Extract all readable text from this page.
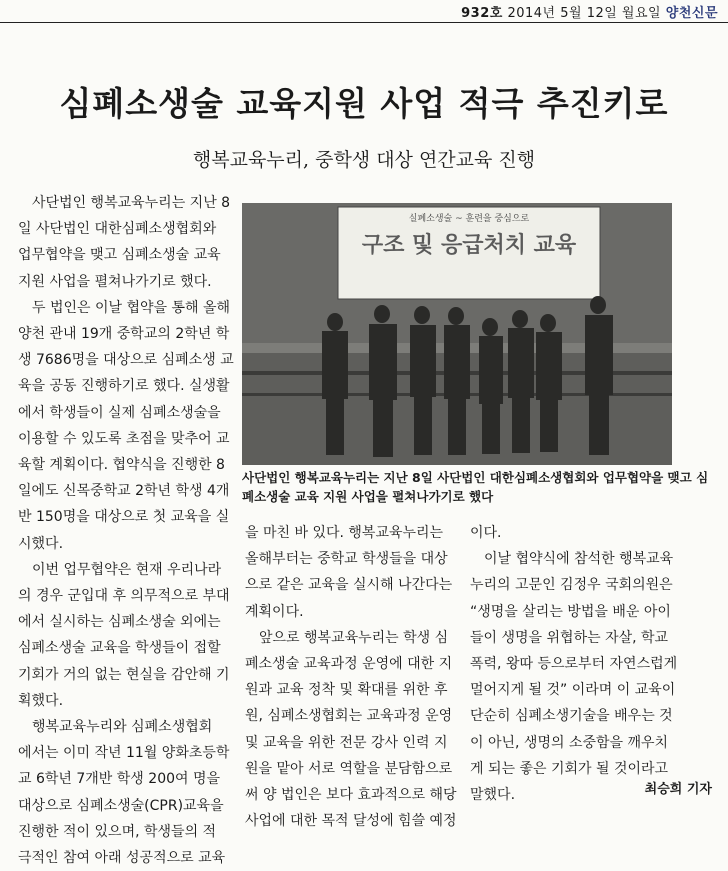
932호 2014년 5월 12일 월요일 양천신문
심폐소생술 교육지원 사업 적극 추진키로
행복교육누리, 중학생 대상 연간교육 진행

사단법인 행복교육누리는 지난 8

일 사단법인 대한심폐소생협회와
업무협약을 맺고 심폐소생술 교육
지원 사업을 펼쳐나가기로 했다.

두 법인은 이날 협약을 통해 올해

양천 관내 19개 중학교의 2학년 학
생 7686명을 대상으로 심폐소생 교
육을 공동 진행하기로 했다. 실생활
에서 학생들이 실제 심폐소생술을
이용할 수 있도록 초점을 맞추어 교
육할 계획이다. 협약식을 진행한 8
일에도 신목중학교 2학년 학생 4개
반 150명을 대상으로 첫 교육을 실
시했다.

이번 업무협약은 현재 우리나라

의 경우 군입대 후 의무적으로 부대
에서 실시하는 심폐소생술 외에는
심폐소생술 교육을 학생들이 접할
기회가 거의 없는 현실을 감안해 기
획했다.

행복교육누리와 심폐소생협회

에서는 이미 작년 11월 양화초등학
교 6학년 7개반 학생 200여 명을
대상으로 심폐소생술(CPR)교육을
진행한 적이 있으며, 학생들의 적
극적인 참여 아래 성공적으로 교육
실폐소생술 ~ 훈련을 중심으로
구조 및 응급처치 교육
사단법인 행복교육누리는 지난 8일 사단법인 대한심폐소생협회와 업무협약을 맺고 심
폐소생술 교육 지원 사업을 펼쳐나가기로 했다
을 마친 바 있다. 행복교육누리는
올해부터는 중학교 학생들을 대상
으로 같은 교육을 실시해 나간다는
계획이다.

앞으로 행복교육누리는 학생 심

폐소생술 교육과정 운영에 대한 지
원과 교육 정착 및 확대를 위한 후
원, 심폐소생협회는 교육과정 운영
및 교육을 위한 전문 강사 인력 지
원을 맡아 서로 역할을 분담함으로
써 양 법인은 보다 효과적으로 해당
사업에 대한 목적 달성에 힘쓸 예정
이다.

이날 협약식에 참석한 행복교육

누리의 고문인 김정우 국회의원은
“생명을 살리는 방법을 배운 아이
들이 생명을 위협하는 자살, 학교
폭력, 왕따 등으로부터 자연스럽게
멀어지게 될 것” 이라며 이 교육이
단순히 심폐소생기술을 배우는 것
이 아닌, 생명의 소중함을 깨우치
게 되는 좋은 기회가 될 것이라고
말했다.	최승희 기자
